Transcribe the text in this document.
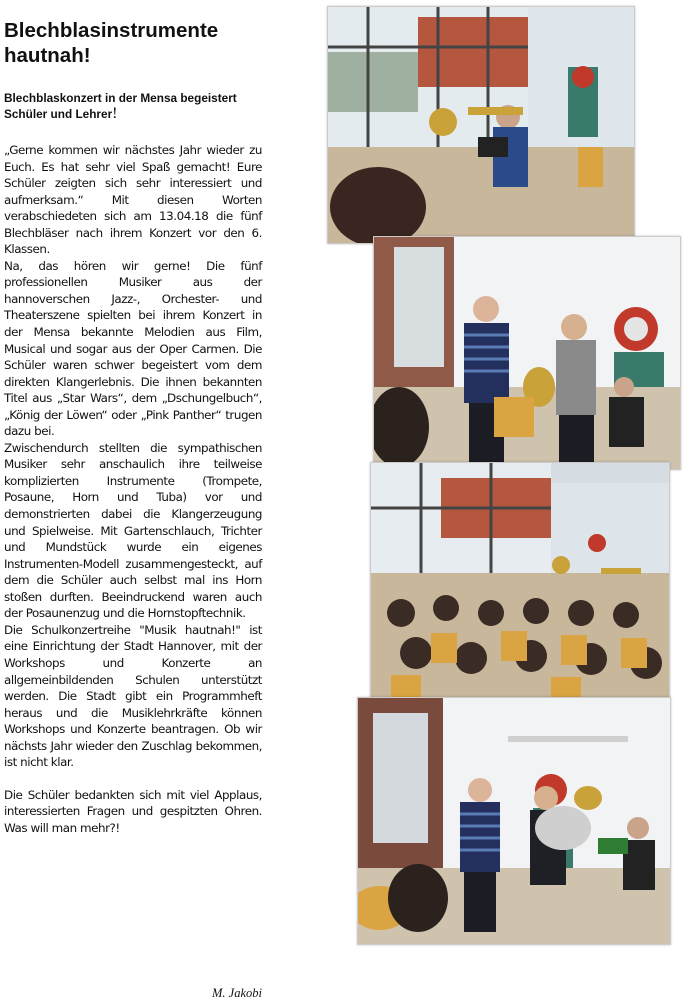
Blechblasinstrumente
hautnah!
Blechblaskonzert in der Mensa begeistert
Schüler und Lehrer!

„Gerne kommen wir nächstes Jahr wieder zu Euch. Es hat sehr viel Spaß gemacht! Eure Schüler zeigten sich sehr interessiert und aufmerksam.“ Mit diesen Worten verabschiedeten sich am 13.04.18 die fünf Blechbläser nach ihrem Konzert vor den 6. Klassen.

Na, das hören wir gerne! Die fünf professionellen Musiker aus der hannoverschen Jazz-, Orchester- und Theaterszene spielten bei ihrem Konzert in der Mensa bekannte Melodien aus Film, Musical und sogar aus der Oper Carmen. Die Schüler waren schwer begeistert vom dem direkten Klangerlebnis. Die ihnen bekannten Titel aus „Star Wars“, dem „Dschungelbuch“, „König der Löwen“ oder „Pink Panther“ trugen dazu bei.

Zwischendurch stellten die sympathischen Musiker sehr anschaulich ihre teilweise komplizierten Instrumente (Trompete, Posaune, Horn und Tuba) vor und demonstrierten dabei die Klangerzeugung und Spielweise. Mit Gartenschlauch, Trichter und Mundstück wurde ein eigenes Instrumenten-Modell zusammengesteckt, auf dem die Schüler auch selbst mal ins Horn stoßen durften. Beeindruckend waren auch der Posaunenzug und die Hornstopftechnik.

Die Schulkonzertreihe "Musik hautnah!" ist eine Einrichtung der Stadt Hannover, mit der Workshops und Konzerte an allgemeinbildenden Schulen unterstützt werden. Die Stadt gibt ein Programmheft heraus und die Musiklehrkräfte können Workshops und Konzerte beantragen. Ob wir nächsts Jahr wieder den Zuschlag bekommen, ist nicht klar.

Die Schüler bedankten sich mit viel Applaus, interessierten Fragen und gespitzten Ohren. Was will man mehr?!

M. Jakobi
